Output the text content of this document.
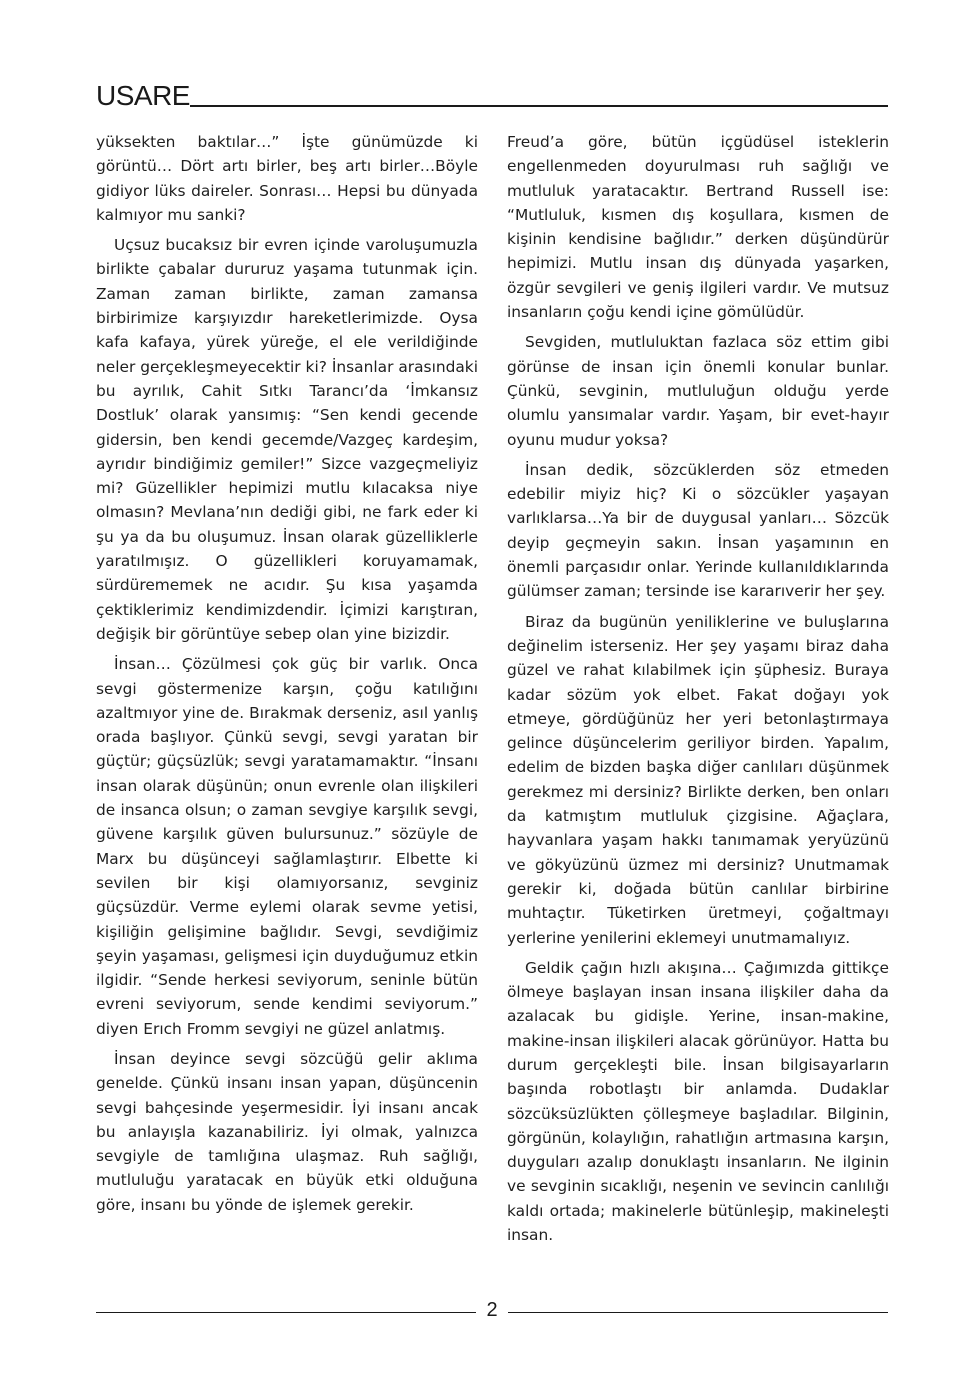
USARE

yüksekten baktılar…” İşte günümüzde ki görüntü… Dört artı birler, beş artı birler…Böyle gidiyor lüks daireler. Sonrası… Hepsi bu dünyada kalmıyor mu sanki?

Uçsuz bucaksız bir evren içinde varoluşumuzla birlikte çabalar dururuz yaşama tutunmak için. Zaman zaman birlikte, zaman zamansa birbirimize karşıyızdır hareketlerimizde. Oysa kafa kafaya, yürek yüreğe, el ele verildiğinde neler gerçekleşmeyecektir ki? İnsanlar arasındaki bu ayrılık, Cahit Sıtkı Tarancı’da ‘İmkansız Dostluk’ olarak yansımış: “Sen kendi gecende gidersin, ben kendi gecemde/Vazgeç kardeşim, ayrıdır bindiğimiz gemiler!” Sizce vazgeçmeliyiz mi? Güzellikler hepimizi mutlu kılacaksa niye olmasın? Mevlana’nın dediği gibi, ne fark eder ki şu ya da bu oluşumuz. İnsan olarak güzelliklerle yaratılmışız. O güzellikleri koruyamamak, sürdürememek ne acıdır. Şu kısa yaşamda çektiklerimiz kendimizdendir. İçimizi karıştıran, değişik bir görüntüye sebep olan yine bizizdir.

İnsan… Çözülmesi çok güç bir varlık. Onca sevgi göstermenize karşın, çoğu katılığını azaltmıyor yine de. Bırakmak derseniz, asıl yanlış orada başlıyor. Çünkü sevgi, sevgi yaratan bir güçtür; güçsüzlük; sevgi yaratamamaktır. “İnsanı insan olarak düşünün; onun evrenle olan ilişkileri de insanca olsun; o zaman sevgiye karşılık sevgi, güvene karşılık güven bulursunuz.” sözüyle de Marx bu düşünceyi sağlamlaştırır. Elbette ki sevilen bir kişi olamıyorsanız, sevginiz güçsüzdür. Verme eylemi olarak sevme yetisi, kişiliğin gelişimine bağlıdır. Sevgi, sevdiğimiz şeyin yaşaması, gelişmesi için duyduğumuz etkin ilgidir. “Sende herkesi seviyorum, seninle bütün evreni seviyorum, sende kendimi seviyorum.” diyen Erıch Fromm sevgiyi ne güzel anlatmış.

İnsan deyince sevgi sözcüğü gelir aklıma genelde. Çünkü insanı insan yapan, düşüncenin sevgi bahçesinde yeşermesidir. İyi insanı ancak bu anlayışla kazanabiliriz. İyi olmak, yalnızca sevgiyle de tamlığına ulaşmaz. Ruh sağlığı, mutluluğu yaratacak en büyük etki olduğuna göre, insanı bu yönde de işlemek gerekir.

Freud’a göre, bütün içgüdüsel isteklerin engellenmeden doyurulması ruh sağlığı ve mutluluk yaratacaktır. Bertrand Russell ise: “Mutluluk, kısmen dış koşullara, kısmen de kişinin kendisine bağlıdır.” derken düşündürür hepimizi. Mutlu insan dış dünyada yaşarken, özgür sevgileri ve geniş ilgileri vardır. Ve mutsuz insanların çoğu kendi içine gömülüdür.

Sevgiden, mutluluktan fazlaca söz ettim gibi görünse de insan için önemli konular bunlar. Çünkü, sevginin, mutluluğun olduğu yerde olumlu yansımalar vardır. Yaşam, bir evet-hayır oyunu mudur yoksa?

İnsan dedik, sözcüklerden söz etmeden edebilir miyiz hiç? Ki o sözcükler yaşayan varlıklarsa…Ya bir de duygusal yanları… Sözcük deyip geçmeyin sakın. İnsan yaşamının en önemli parçasıdır onlar. Yerinde kullanıldıklarında gülümser zaman; tersinde ise kararıverir her şey.

Biraz da bugünün yeniliklerine ve buluşlarına değinelim isterseniz. Her şey yaşamı biraz daha güzel ve rahat kılabilmek için şüphesiz. Buraya kadar sözüm yok elbet. Fakat doğayı yok etmeye, gördüğünüz her yeri betonlaştırmaya gelince düşüncelerim geriliyor birden. Yapalım, edelim de bizden başka diğer canlıları düşünmek gerekmez mi dersiniz? Birlikte derken, ben onları da katmıştım mutluluk çizgisine. Ağaçlara, hayvanlara yaşam hakkı tanımamak yeryüzünü ve gökyüzünü üzmez mi dersiniz? Unutmamak gerekir ki, doğada bütün canlılar birbirine muhtaçtır. Tüketirken üretmeyi, çoğaltmayı yerlerine yenilerini eklemeyi unutmamalıyız.

Geldik çağın hızlı akışına… Çağımızda gittikçe ölmeye başlayan insan insana ilişkiler daha da azalacak bu gidişle. Yerine, insan-makine, makine-insan ilişkileri alacak görünüyor. Hatta bu durum gerçekleşti bile. İnsan bilgisayarların başında robotlaştı bir anlamda. Dudaklar sözcüksüzlükten çölleşmeye başladılar. Bilginin, görgünün, kolaylığın, rahatlığın artmasına karşın, duyguları azalıp donuklaştı insanların. Ne ilginin ve sevginin sıcaklığı, neşenin ve sevincin canlılığı kaldı ortada; makinelerle bütünleşip, makineleşti insan.

2
